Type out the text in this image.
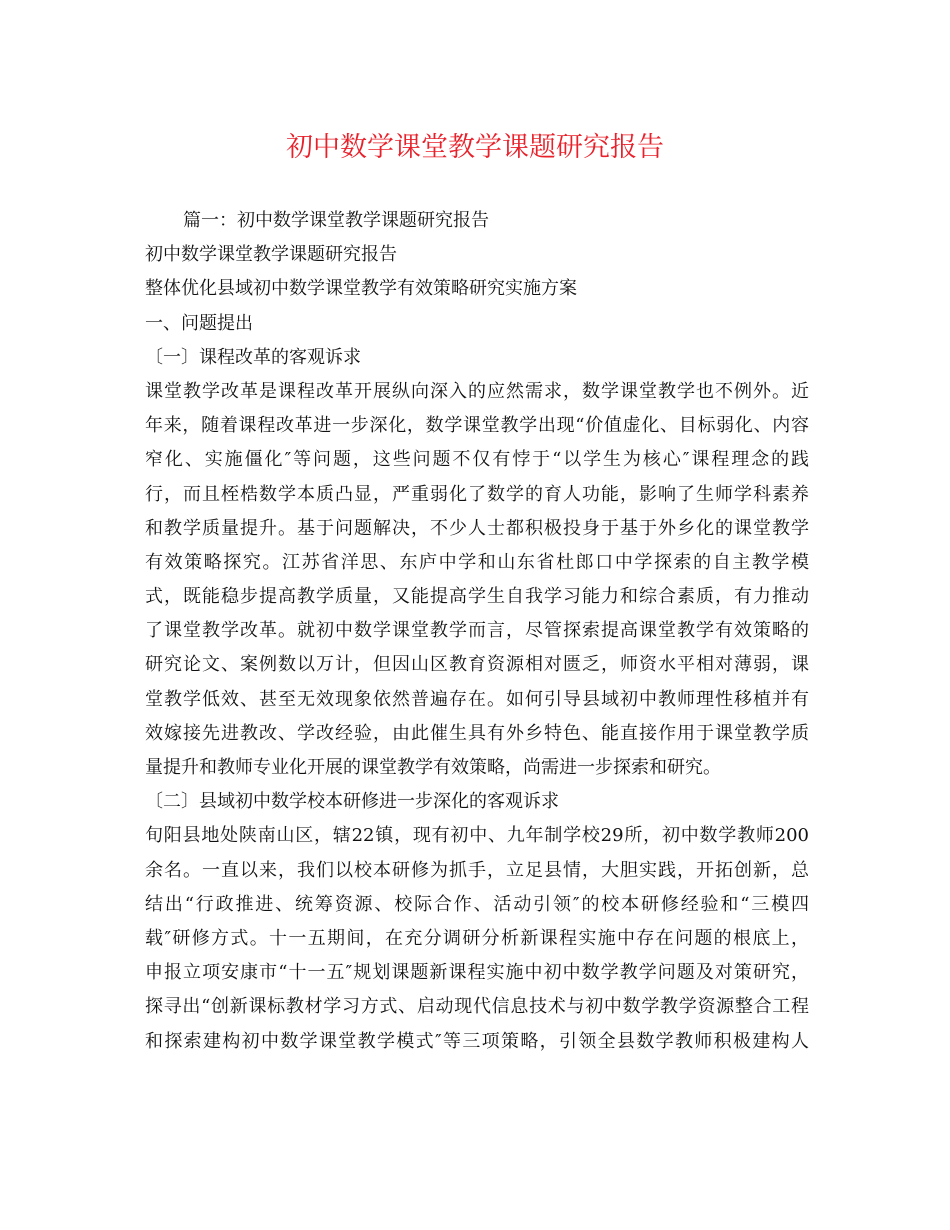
初中数学课堂教学课题研究报告

篇一：初中数学课堂教学课题研究报告

初中数学课堂教学课题研究报告

整体优化县域初中数学课堂教学有效策略研究实施方案

一、问题提出

〔一〕课程改革的客观诉求

课堂教学改革是课程改革开展纵向深入的应然需求，数学课堂教学也不例外。近

年来，随着课程改革进一步深化，数学课堂教学出现“价值虚化、目标弱化、内容

窄化、实施僵化″等问题，这些问题不仅有悖于“以学生为核心″课程理念的践

行，而且桎梏数学本质凸显，严重弱化了数学的育人功能，影响了生师学科素养

和教学质量提升。基于问题解决，不少人士都积极投身于基于外乡化的课堂教学

有效策略探究。江苏省洋思、东庐中学和山东省杜郎口中学探索的自主教学模

式，既能稳步提高教学质量，又能提高学生自我学习能力和综合素质，有力推动

了课堂教学改革。就初中数学课堂教学而言，尽管探索提高课堂教学有效策略的

研究论文、案例数以万计，但因山区教育资源相对匮乏，师资水平相对薄弱，课

堂教学低效、甚至无效现象依然普遍存在。如何引导县域初中教师理性移植并有

效嫁接先进教改、学改经验，由此催生具有外乡特色、能直接作用于课堂教学质

量提升和教师专业化开展的课堂教学有效策略，尚需进一步探索和研究。

〔二〕县域初中数学校本研修进一步深化的客观诉求

旬阳县地处陕南山区，辖22镇，现有初中、九年制学校29所，初中数学教师200

余名。一直以来，我们以校本研修为抓手，立足县情，大胆实践，开拓创新，总

结出“行政推进、统筹资源、校际合作、活动引领″的校本研修经验和“三模四

载″研修方式。十一五期间，在充分调研分析新课程实施中存在问题的根底上，

申报立项安康市“十一五″规划课题新课程实施中初中数学教学问题及对策研究，

探寻出“创新课标教材学习方式、启动现代信息技术与初中数学教学资源整合工程

和探索建构初中数学课堂教学模式″等三项策略，引领全县数学教师积极建构人
